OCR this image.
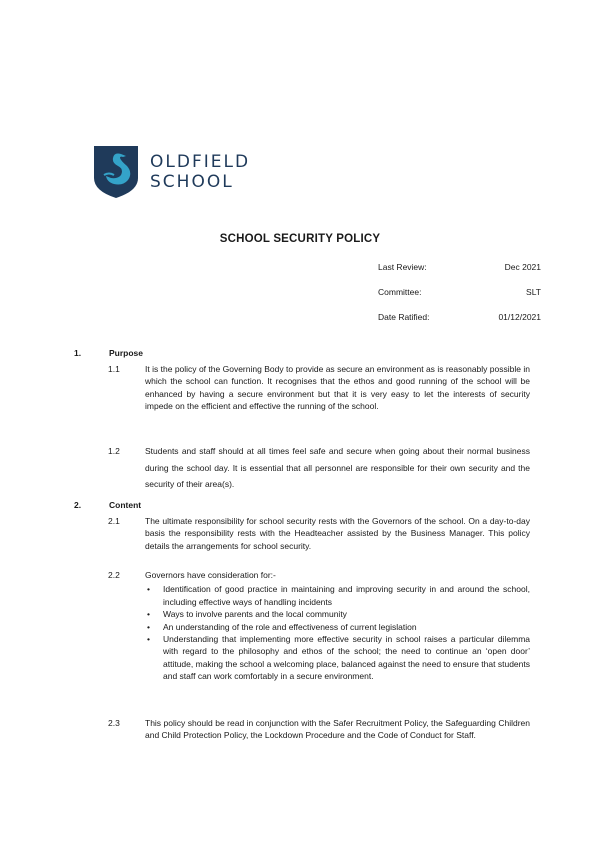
OLDFIELD
SCHOOL
SCHOOL SECURITY POLICY
Last Review:	Dec 2021
Committee:	SLT
Date Ratified:	01/12/2021
1.	Purpose
1.1	It is the policy of the Governing Body to provide as secure an environment as is reasonably possible in which the school can function. It recognises that the ethos and good running of the school will be enhanced by having a secure environment but that it is very easy to let the interests of security impede on the efficient and effective the running of the school.
1.2	Students and staff should at all times feel safe and secure when going about their normal business during the school day. It is essential that all personnel are responsible for their own security and the security of their area(s).
2.	Content
2.1	The ultimate responsibility for school security rests with the Governors of the school. On a day-to-day basis the responsibility rests with the Headteacher assisted by the Business Manager. This policy details the arrangements for school security.
2.2	Governors have consideration for:-
• Identification of good practice in maintaining and improving security in and around the school, including effective ways of handling incidents
• Ways to involve parents and the local community
• An understanding of the role and effectiveness of current legislation
• Understanding that implementing more effective security in school raises a particular dilemma with regard to the philosophy and ethos of the school; the need to continue an ‘open door’ attitude, making the school a welcoming place, balanced against the need to ensure that students and staff can work comfortably in a secure environment.
2.3	This policy should be read in conjunction with the Safer Recruitment Policy, the Safeguarding Children and Child Protection Policy, the Lockdown Procedure and the Code of Conduct for Staff.
